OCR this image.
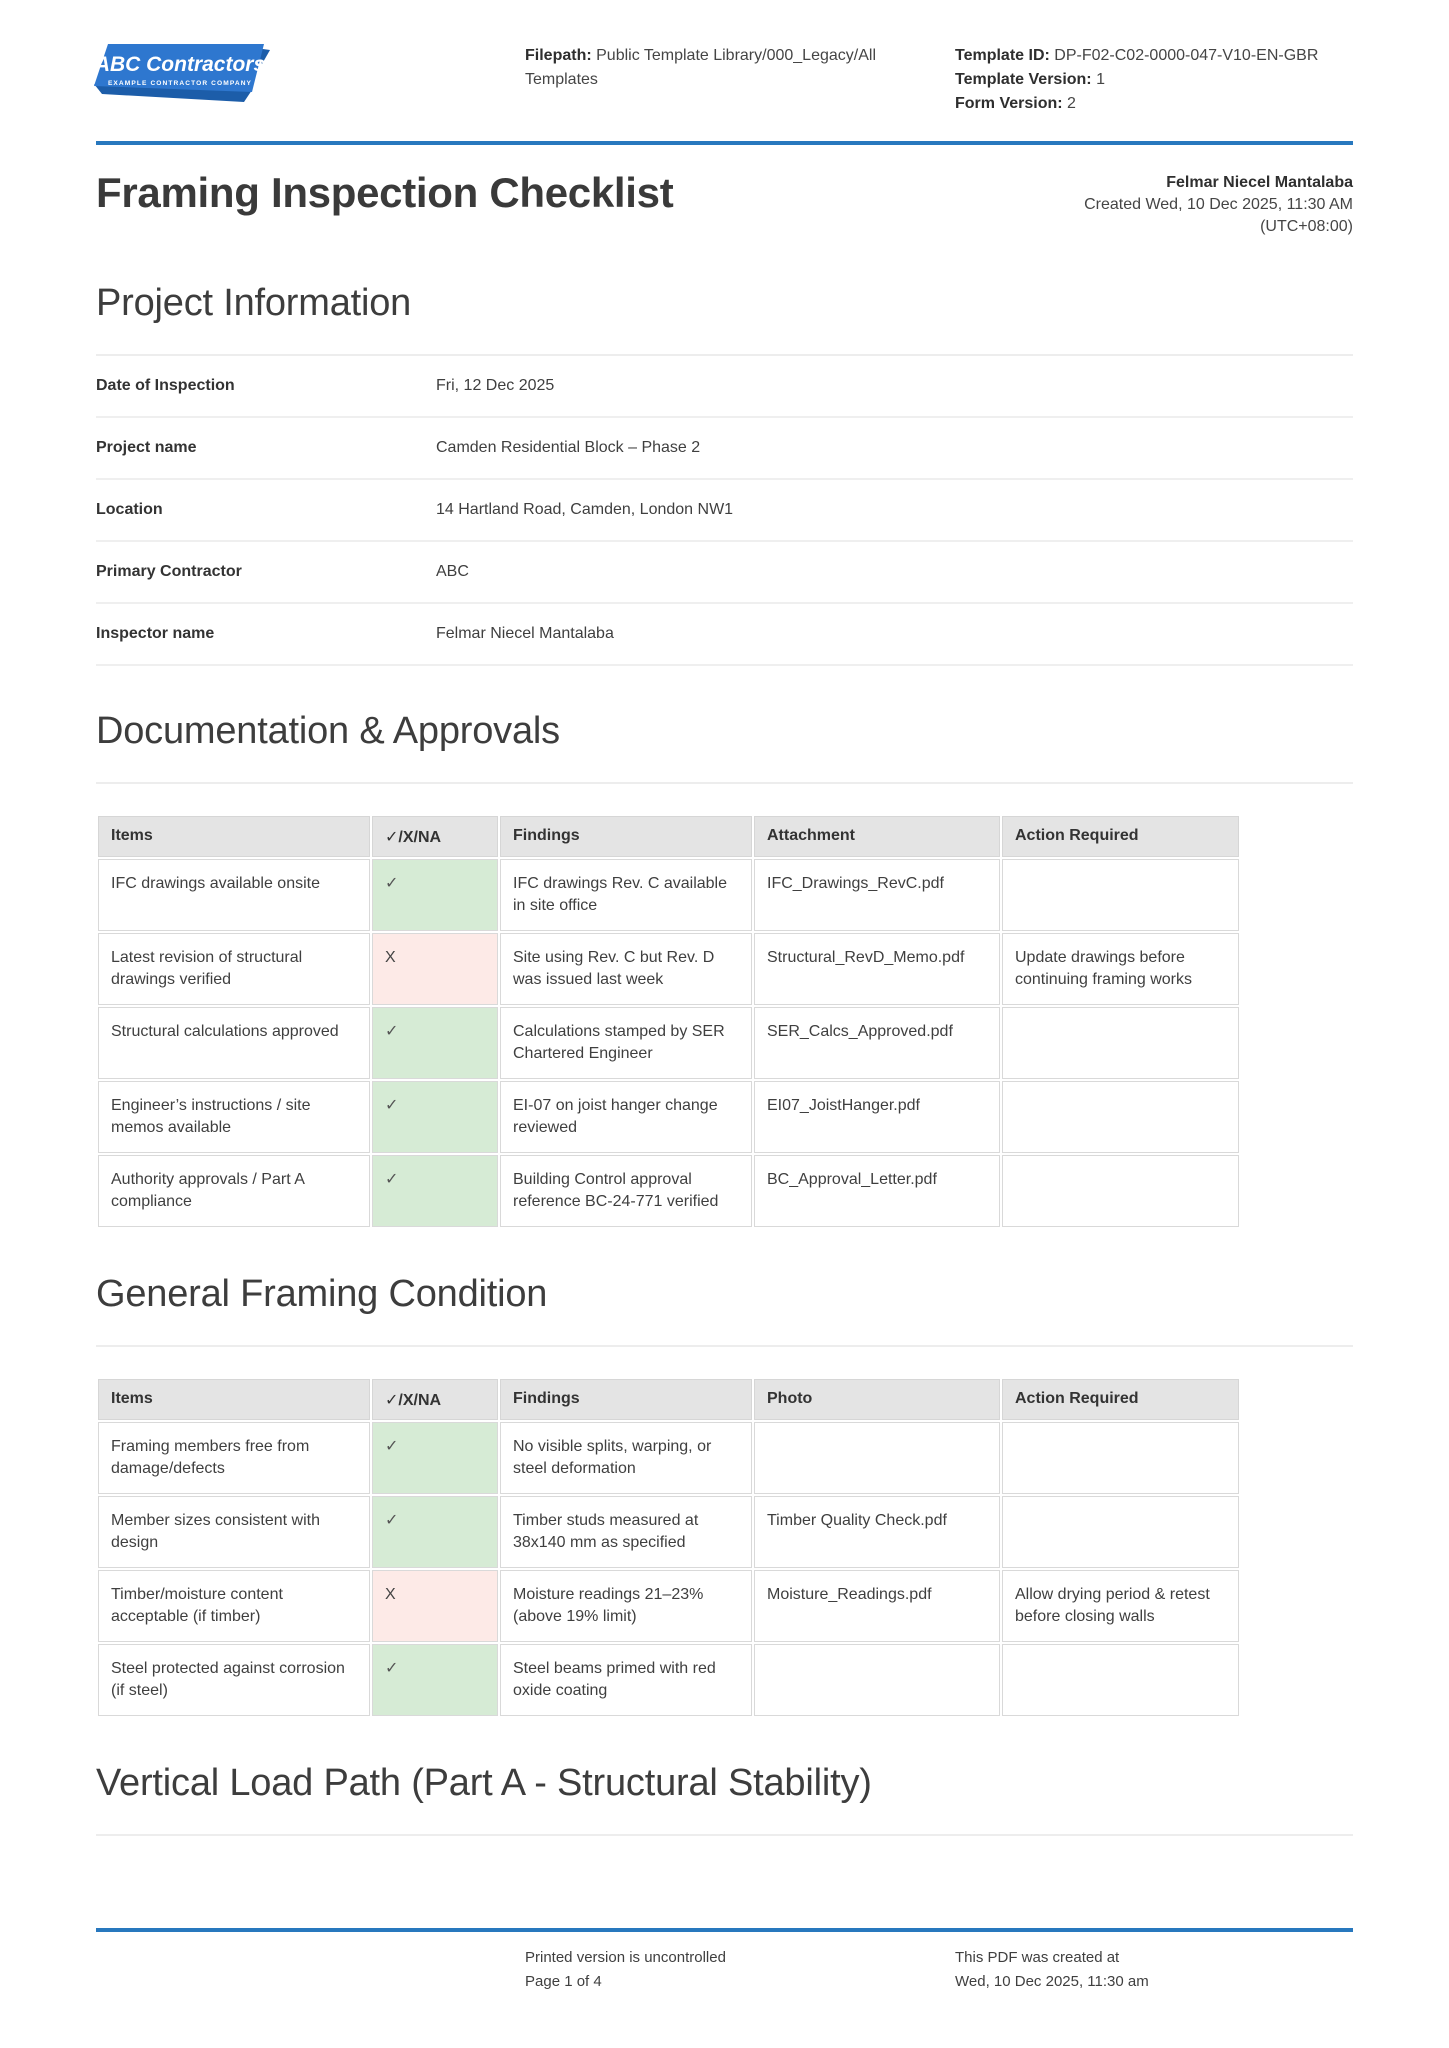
ABC Contractors
EXAMPLE CONTRACTOR COMPANY

Filepath: Public Template Library/000_Legacy/All Templates

Template ID: DP-F02-C02-0000-047-V10-EN-GBR

Template Version: 1

Form Version: 2

Framing Inspection Checklist	Felmar Niecel Mantalaba
Created Wed, 10 Dec 2025, 11:30 AM
(UTC+08:00)
Project Information
Date of Inspection	Fri, 12 Dec 2025
Project name	Camden Residential Block – Phase 2
Location	14 Hartland Road, Camden, London NW1
Primary Contractor	ABC
Inspector name	Felmar Niecel Mantalaba
Documentation & Approvals
Items	✓/X/NA	Findings	Attachment	Action Required
IFC drawings available onsite	✓	IFC drawings Rev. C available in site office	IFC_Drawings_RevC.pdf	
Latest revision of structural drawings verified	X	Site using Rev. C but Rev. D was issued last week	Structural_RevD_Memo.pdf	Update drawings before continuing framing works
Structural calculations approved	✓	Calculations stamped by SER Chartered Engineer	SER_Calcs_Approved.pdf	
Engineer’s instructions / site memos available	✓	EI-07 on joist hanger change reviewed	EI07_JoistHanger.pdf	
Authority approvals / Part A compliance	✓	Building Control approval reference BC-24-771 verified	BC_Approval_Letter.pdf	
General Framing Condition
Items	✓/X/NA	Findings	Photo	Action Required
Framing members free from damage/defects	✓	No visible splits, warping, or steel deformation		
Member sizes consistent with design	✓	Timber studs measured at 38x140 mm as specified	Timber Quality Check.pdf	
Timber/moisture content acceptable (if timber)	X	Moisture readings 21–23% (above 19% limit)	Moisture_Readings.pdf	Allow drying period & retest before closing walls
Steel protected against corrosion (if steel)	✓	Steel beams primed with red oxide coating		
Vertical Load Path (Part A - Structural Stability)
Printed version is uncontrolled
Page 1 of 4
This PDF was created at
Wed, 10 Dec 2025, 11:30 am
